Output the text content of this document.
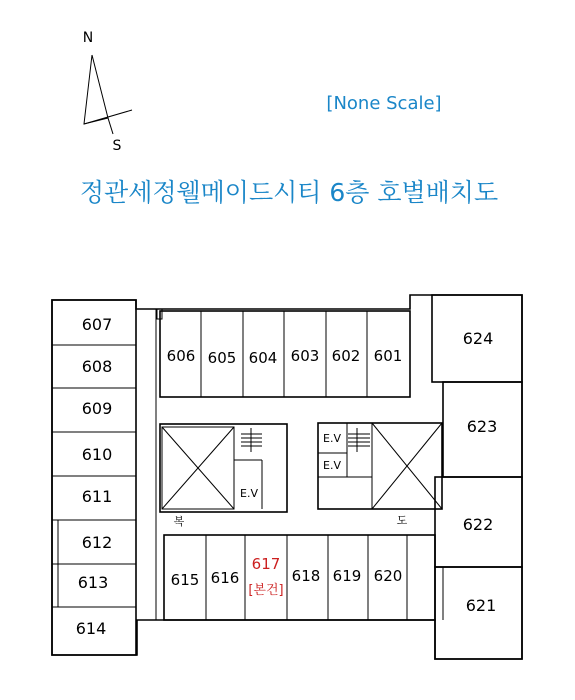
N
S
[None Scale]
정관세정웰메이드시티 6층 호별배치도
607
608
609
610
611
612
613
614
606 605 604 603 602 601
E.V
E.V
E.V
복	도
615 616
617
[본건]
618 619 620
624
623
622
621
